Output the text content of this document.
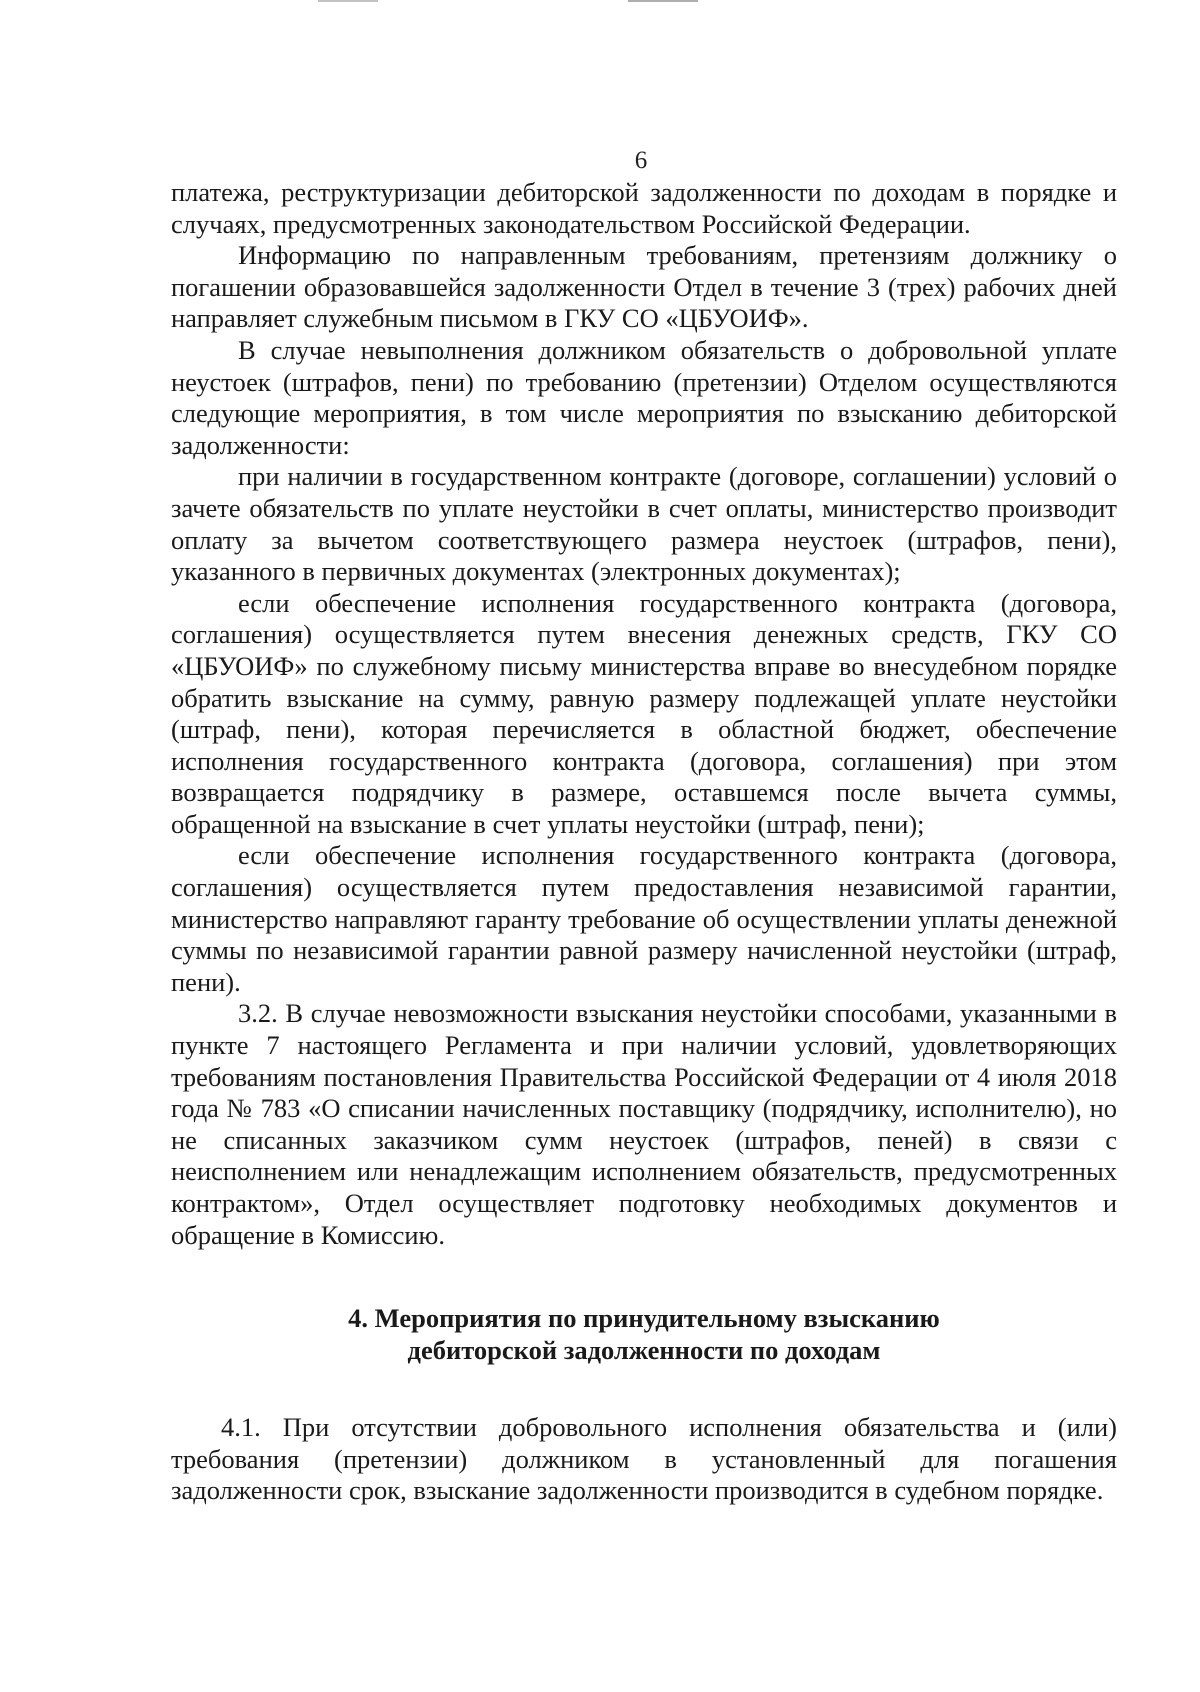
6

платежа, реструктуризации дебиторской задолженности по доходам в порядке и случаях, предусмотренных законодательством Российской Федерации.

Информацию по направленным требованиям, претензиям должнику о погашении образовавшейся задолженности Отдел в течение 3 (трех) рабочих дней направляет служебным письмом в ГКУ СО «ЦБУОИФ».

В случае невыполнения должником обязательств о добровольной уплате неустоек (штрафов, пени) по требованию (претензии) Отделом осуществляются следующие мероприятия, в том числе мероприятия по взысканию дебиторской задолженности:

при наличии в государственном контракте (договоре, соглашении) условий о зачете обязательств по уплате неустойки в счет оплаты, министерство производит оплату за вычетом соответствующего размера неустоек (штрафов, пени), указанного в первичных документах (электронных документах);

если обеспечение исполнения государственного контракта (договора, соглашения) осуществляется путем внесения денежных средств, ГКУ СО «ЦБУОИФ» по служебному письму министерства вправе во внесудебном порядке обратить взыскание на сумму, равную размеру подлежащей уплате неустойки (штраф, пени), которая перечисляется в областной бюджет, обеспечение исполнения государственного контракта (договора, соглашения) при этом возвращается подрядчику в размере, оставшемся после вычета суммы, обращенной на взыскание в счет уплаты неустойки (штраф, пени);

если обеспечение исполнения государственного контракта (договора, соглашения) осуществляется путем предоставления независимой гарантии, министерство направляют гаранту требование об осуществлении уплаты денежной суммы по независимой гарантии равной размеру начисленной неустойки (штраф, пени).

3.2. В случае невозможности взыскания неустойки способами, указанными в пункте 7 настоящего Регламента и при наличии условий, удовлетворяющих требованиям постановления Правительства Российской Федерации от 4 июля 2018 года № 783 «О списании начисленных поставщику (подрядчику, исполнителю), но не списанных заказчиком сумм неустоек (штрафов, пеней) в связи с неисполнением или ненадлежащим исполнением обязательств, предусмотренных контрактом», Отдел осуществляет подготовку необходимых документов и обращение в Комиссию.

4. Мероприятия по принудительному взысканию
дебиторской задолженности по доходам

4.1. При отсутствии добровольного исполнения обязательства и (или) требования (претензии) должником в установленный для погашения задолженности срок, взыскание задолженности производится в судебном порядке.
